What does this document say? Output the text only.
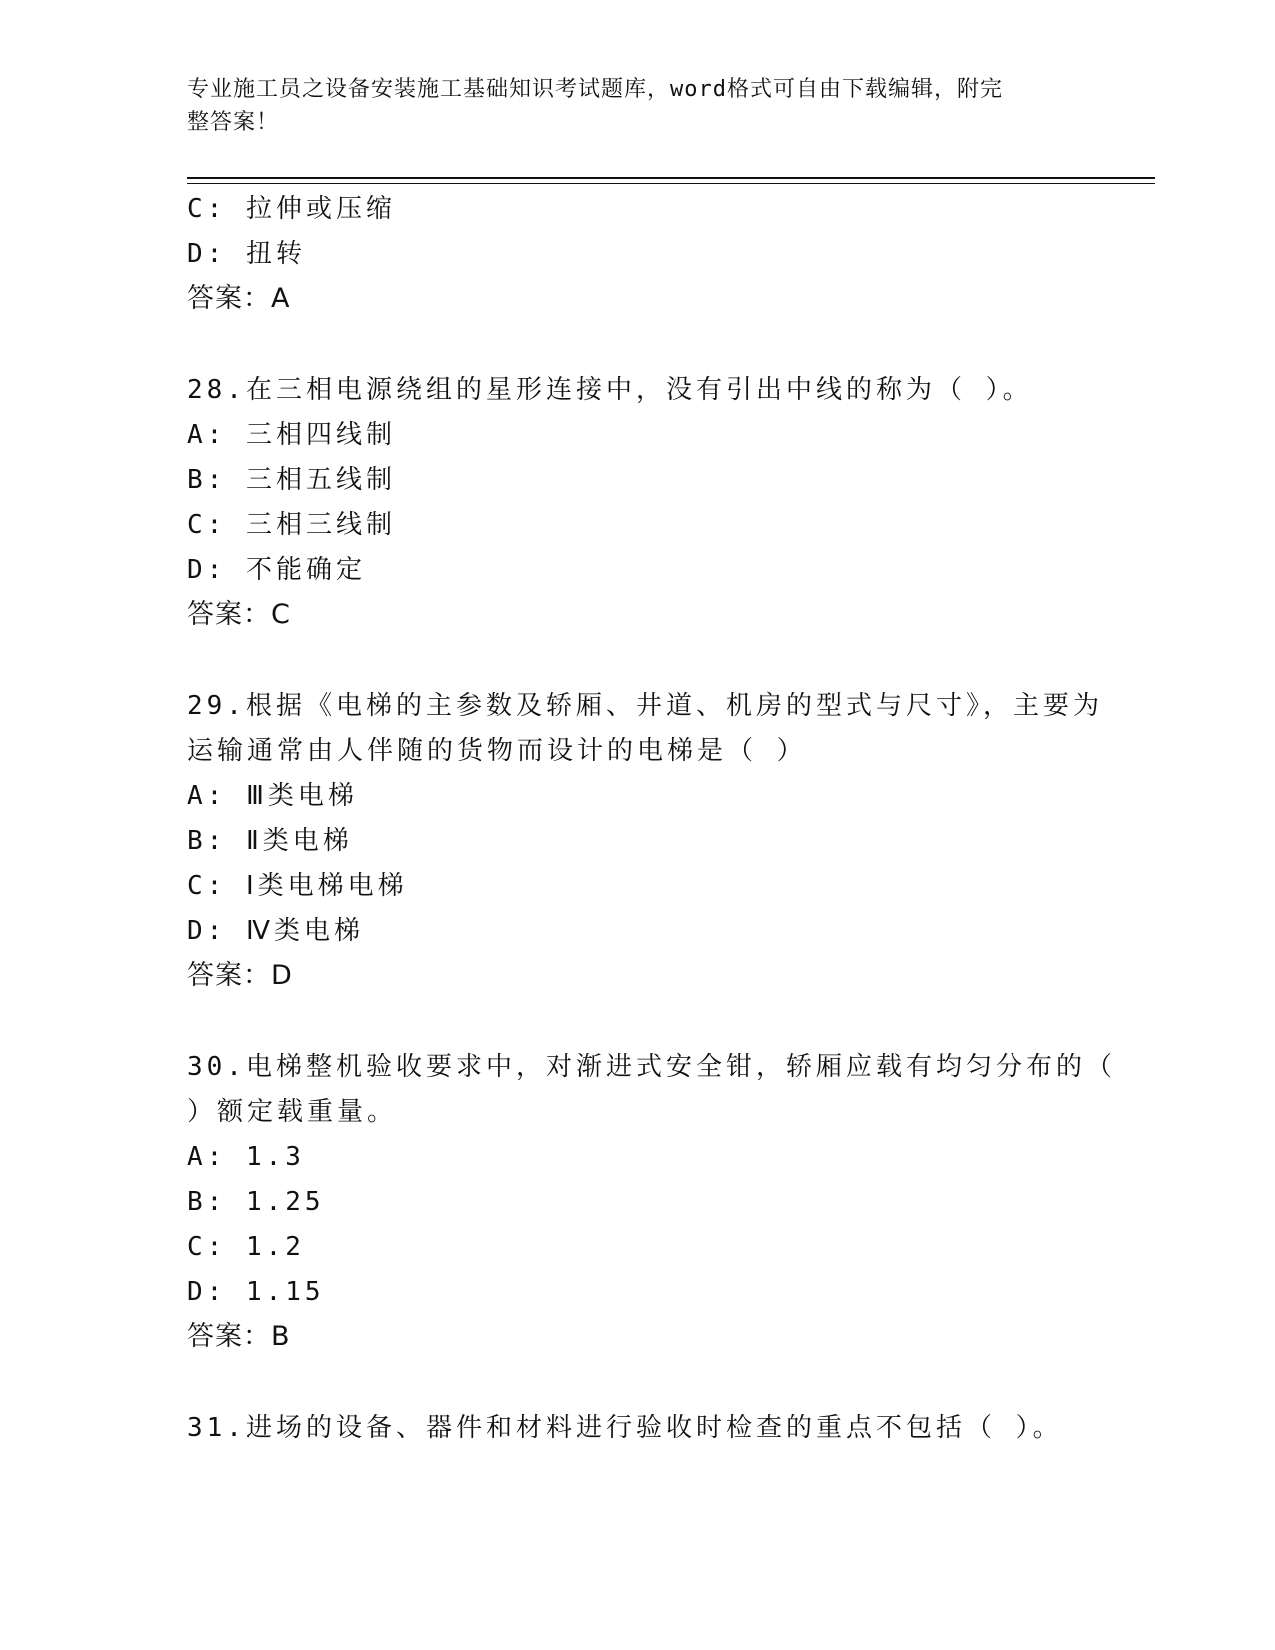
专业施工员之设备安装施工基础知识考试题库，word格式可自由下载编辑，附完
整答案！
C: 拉伸或压缩
D: 扭转
答案：A
28.在三相电源绕组的星形连接中，没有引出中线的称为（ ）。
A: 三相四线制
B: 三相五线制
C: 三相三线制
D: 不能确定
答案：C
29.根据《电梯的主参数及轿厢、井道、机房的型式与尺寸》，主要为
运输通常由人伴随的货物而设计的电梯是（ ）
A: Ⅲ类电梯
B: Ⅱ类电梯
C: Ⅰ类电梯电梯
D: Ⅳ类电梯
答案：D
30.电梯整机验收要求中，对渐进式安全钳，轿厢应载有均匀分布的（
）额定载重量。
A: 1.3
B: 1.25
C: 1.2
D: 1.15
答案：B
31.进场的设备、器件和材料进行验收时检查的重点不包括（ ）。
